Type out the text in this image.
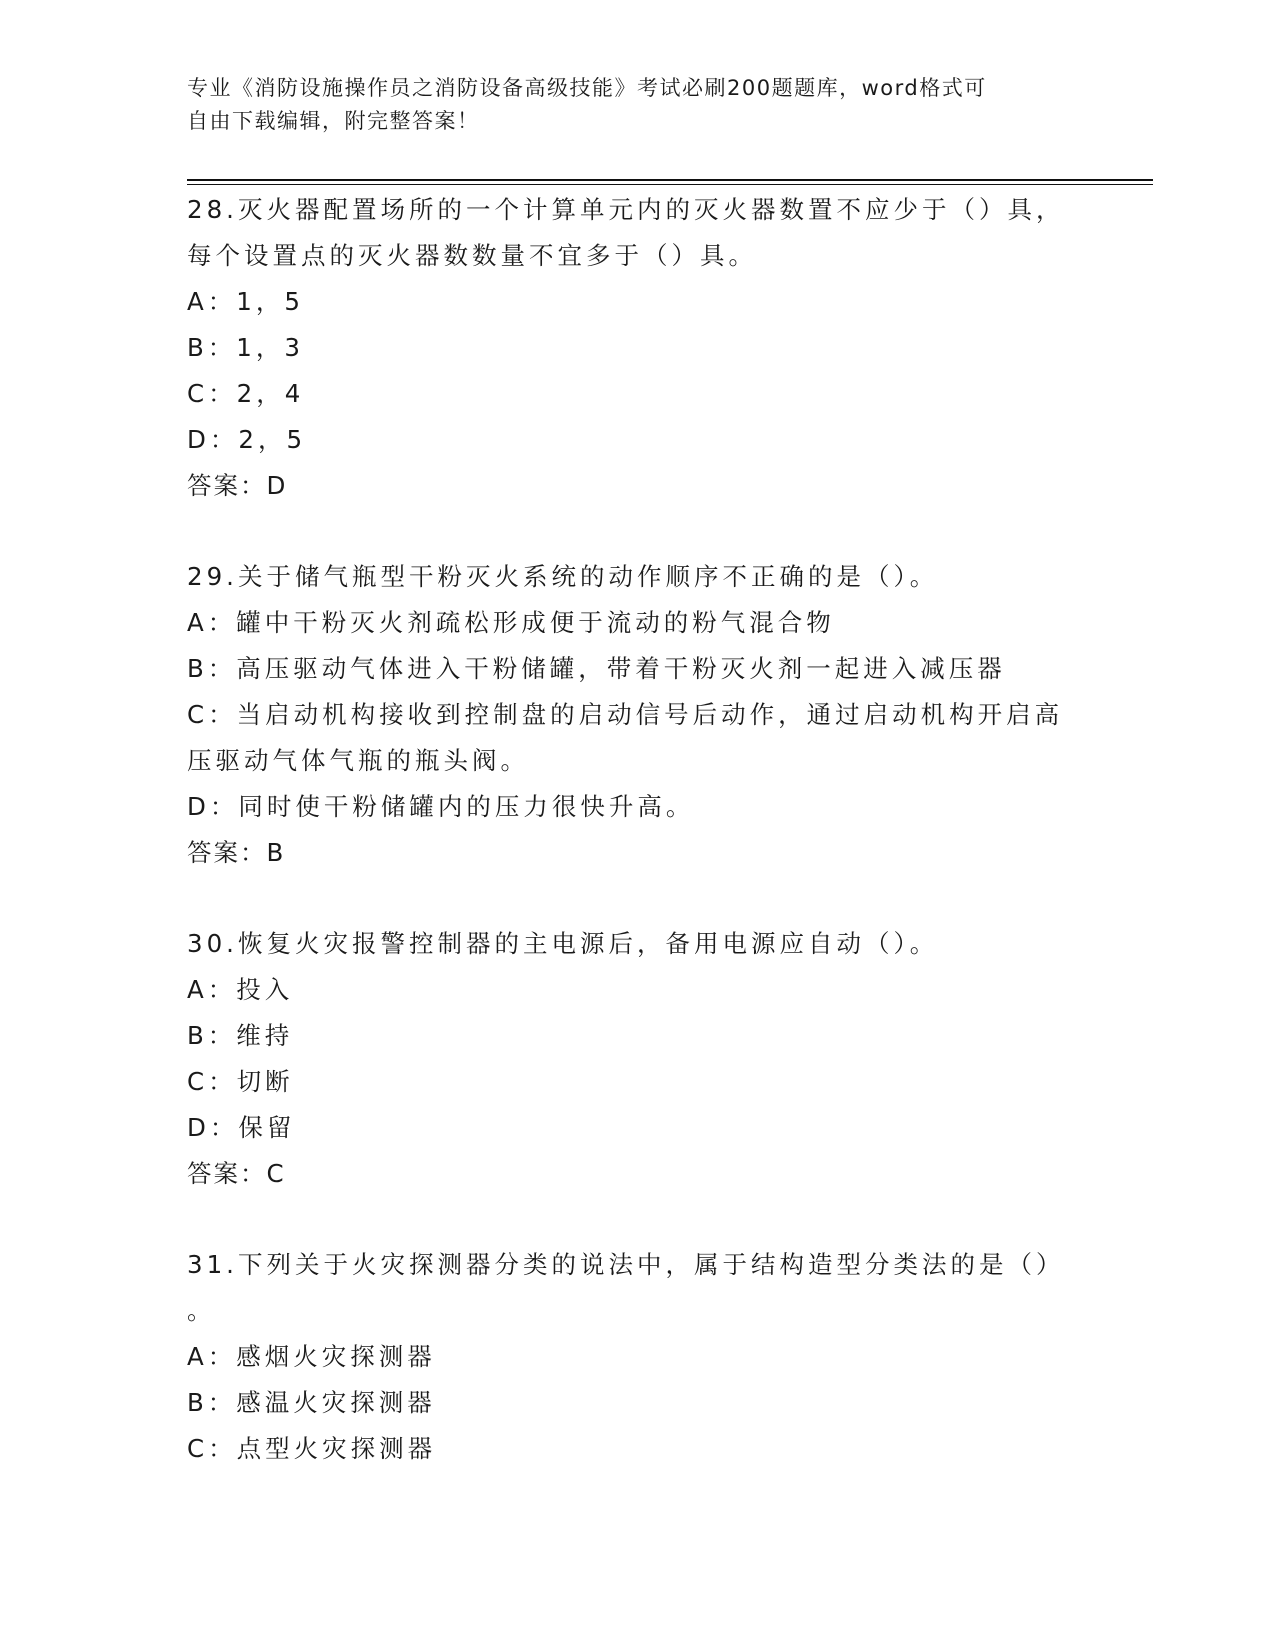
专业《消防设施操作员之消防设备高级技能》考试必刷200题题库，word格式可
自由下载编辑，附完整答案！
28.灭火器配置场所的一个计算单元内的灭火器数置不应少于（）具，
每个设置点的灭火器数数量不宜多于（）具。
A：1，5
B：1，3
C：2，4
D：2，5
答案：D
29.关于储气瓶型干粉灭火系统的动作顺序不正确的是（）。
A：罐中干粉灭火剂疏松形成便于流动的粉气混合物
B：高压驱动气体进入干粉储罐，带着干粉灭火剂一起进入减压器
C：当启动机构接收到控制盘的启动信号后动作，通过启动机构开启高
压驱动气体气瓶的瓶头阀。
D：同时使干粉储罐内的压力很快升高。
答案：B
30.恢复火灾报警控制器的主电源后，备用电源应自动（）。
A：投入
B：维持
C：切断
D：保留
答案：C
31.下列关于火灾探测器分类的说法中，属于结构造型分类法的是（）
。
A：感烟火灾探测器
B：感温火灾探测器
C：点型火灾探测器
